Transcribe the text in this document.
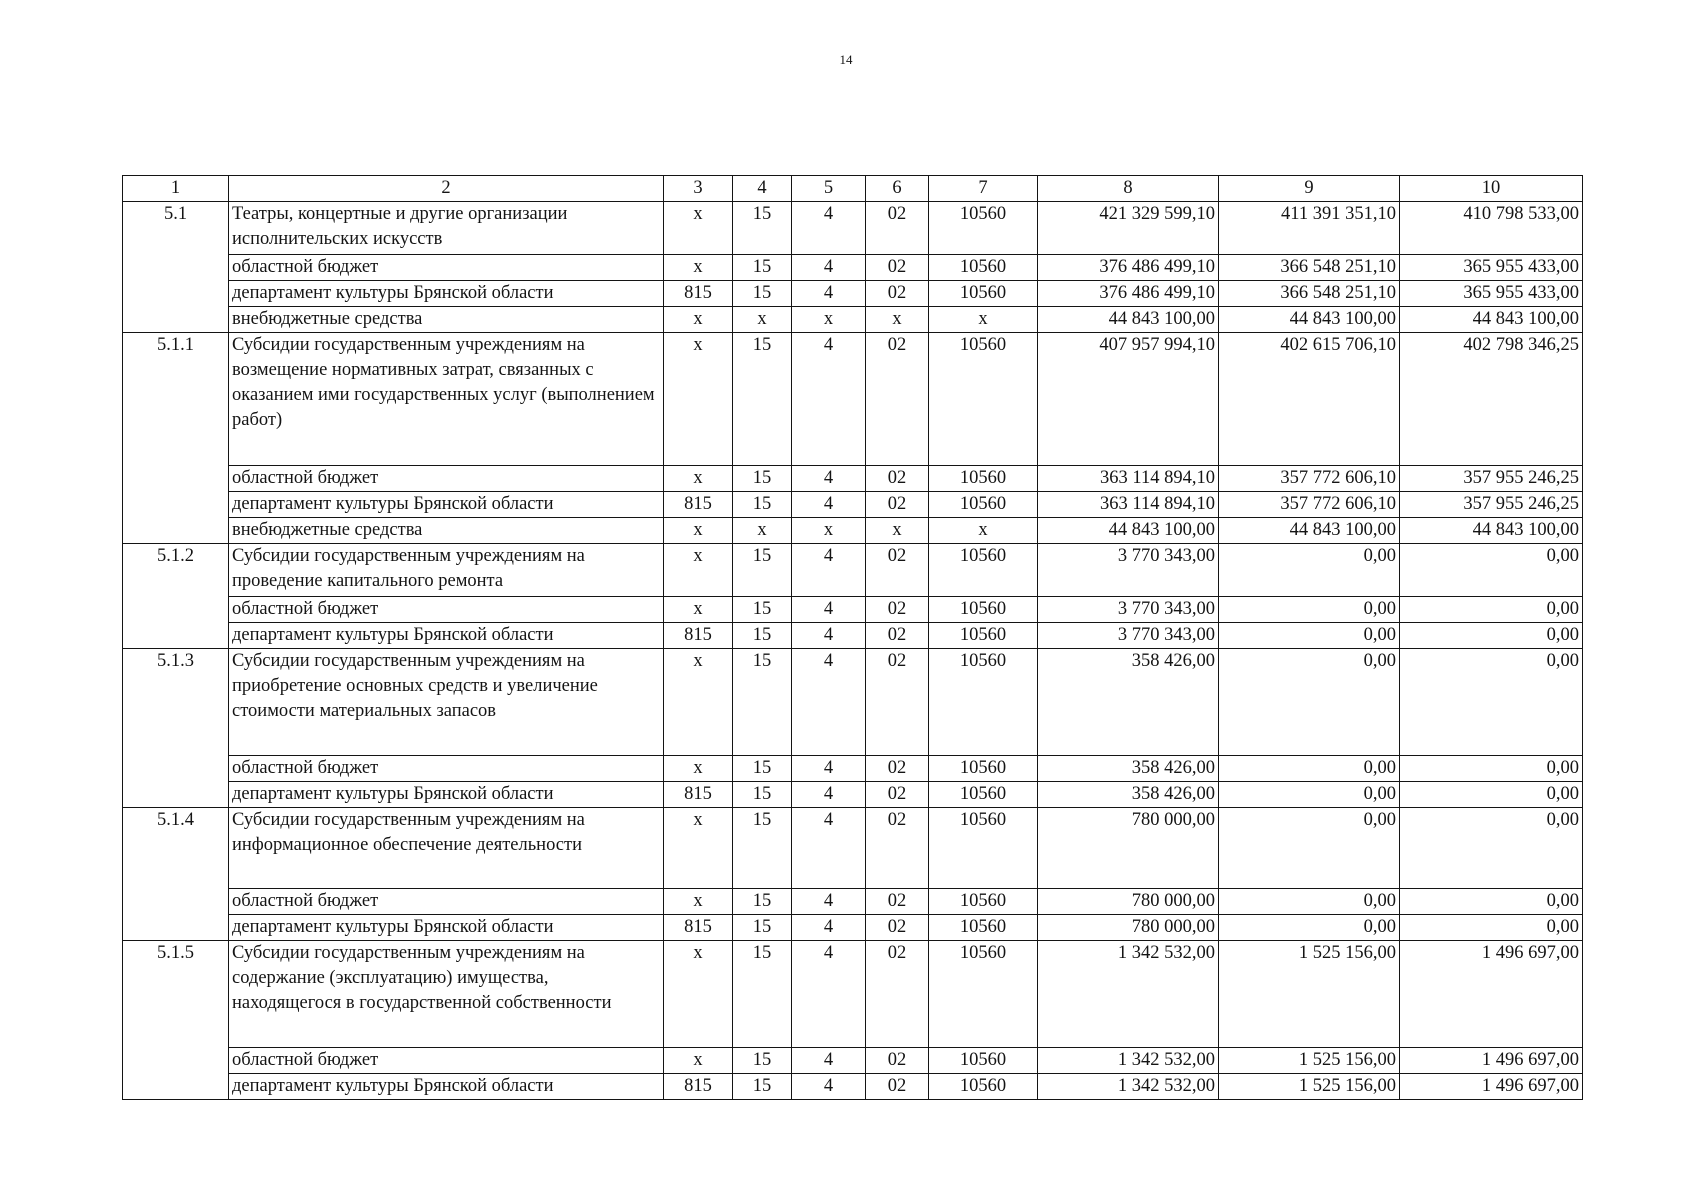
14
1	2	3	4	5	6	7	8	9	10
5.1	Театры, концертные и другие организации исполнительских искусств	х	15	4	02	10560	421 329 599,10	411 391 351,10	410 798 533,00
	областной бюджет	х	15	4	02	10560	376 486 499,10	366 548 251,10	365 955 433,00
	департамент культуры Брянской области	815	15	4	02	10560	376 486 499,10	366 548 251,10	365 955 433,00
	внебюджетные средства	х	х	х	х	х	44 843 100,00	44 843 100,00	44 843 100,00
5.1.1	Субсидии государственным учреждениям на возмещение нормативных затрат, связанных с оказанием ими государственных услуг (выполнением работ)	х	15	4	02	10560	407 957 994,10	402 615 706,10	402 798 346,25
	областной бюджет	х	15	4	02	10560	363 114 894,10	357 772 606,10	357 955 246,25
	департамент культуры Брянской области	815	15	4	02	10560	363 114 894,10	357 772 606,10	357 955 246,25
	внебюджетные средства	х	х	х	х	х	44 843 100,00	44 843 100,00	44 843 100,00
5.1.2	Субсидии государственным учреждениям на проведение капитального ремонта	х	15	4	02	10560	3 770 343,00	0,00	0,00
	областной бюджет	х	15	4	02	10560	3 770 343,00	0,00	0,00
	департамент культуры Брянской области	815	15	4	02	10560	3 770 343,00	0,00	0,00
5.1.3	Субсидии государственным учреждениям на приобретение основных средств и увеличение стоимости материальных запасов	х	15	4	02	10560	358 426,00	0,00	0,00
	областной бюджет	х	15	4	02	10560	358 426,00	0,00	0,00
	департамент культуры Брянской области	815	15	4	02	10560	358 426,00	0,00	0,00
5.1.4	Субсидии государственным учреждениям на информационное обеспечение деятельности	х	15	4	02	10560	780 000,00	0,00	0,00
	областной бюджет	х	15	4	02	10560	780 000,00	0,00	0,00
	департамент культуры Брянской области	815	15	4	02	10560	780 000,00	0,00	0,00
5.1.5	Субсидии государственным учреждениям на содержание (эксплуатацию) имущества, находящегося в государственной собственности	х	15	4	02	10560	1 342 532,00	1 525 156,00	1 496 697,00
	областной бюджет	х	15	4	02	10560	1 342 532,00	1 525 156,00	1 496 697,00
	департамент культуры Брянской области	815	15	4	02	10560	1 342 532,00	1 525 156,00	1 496 697,00
